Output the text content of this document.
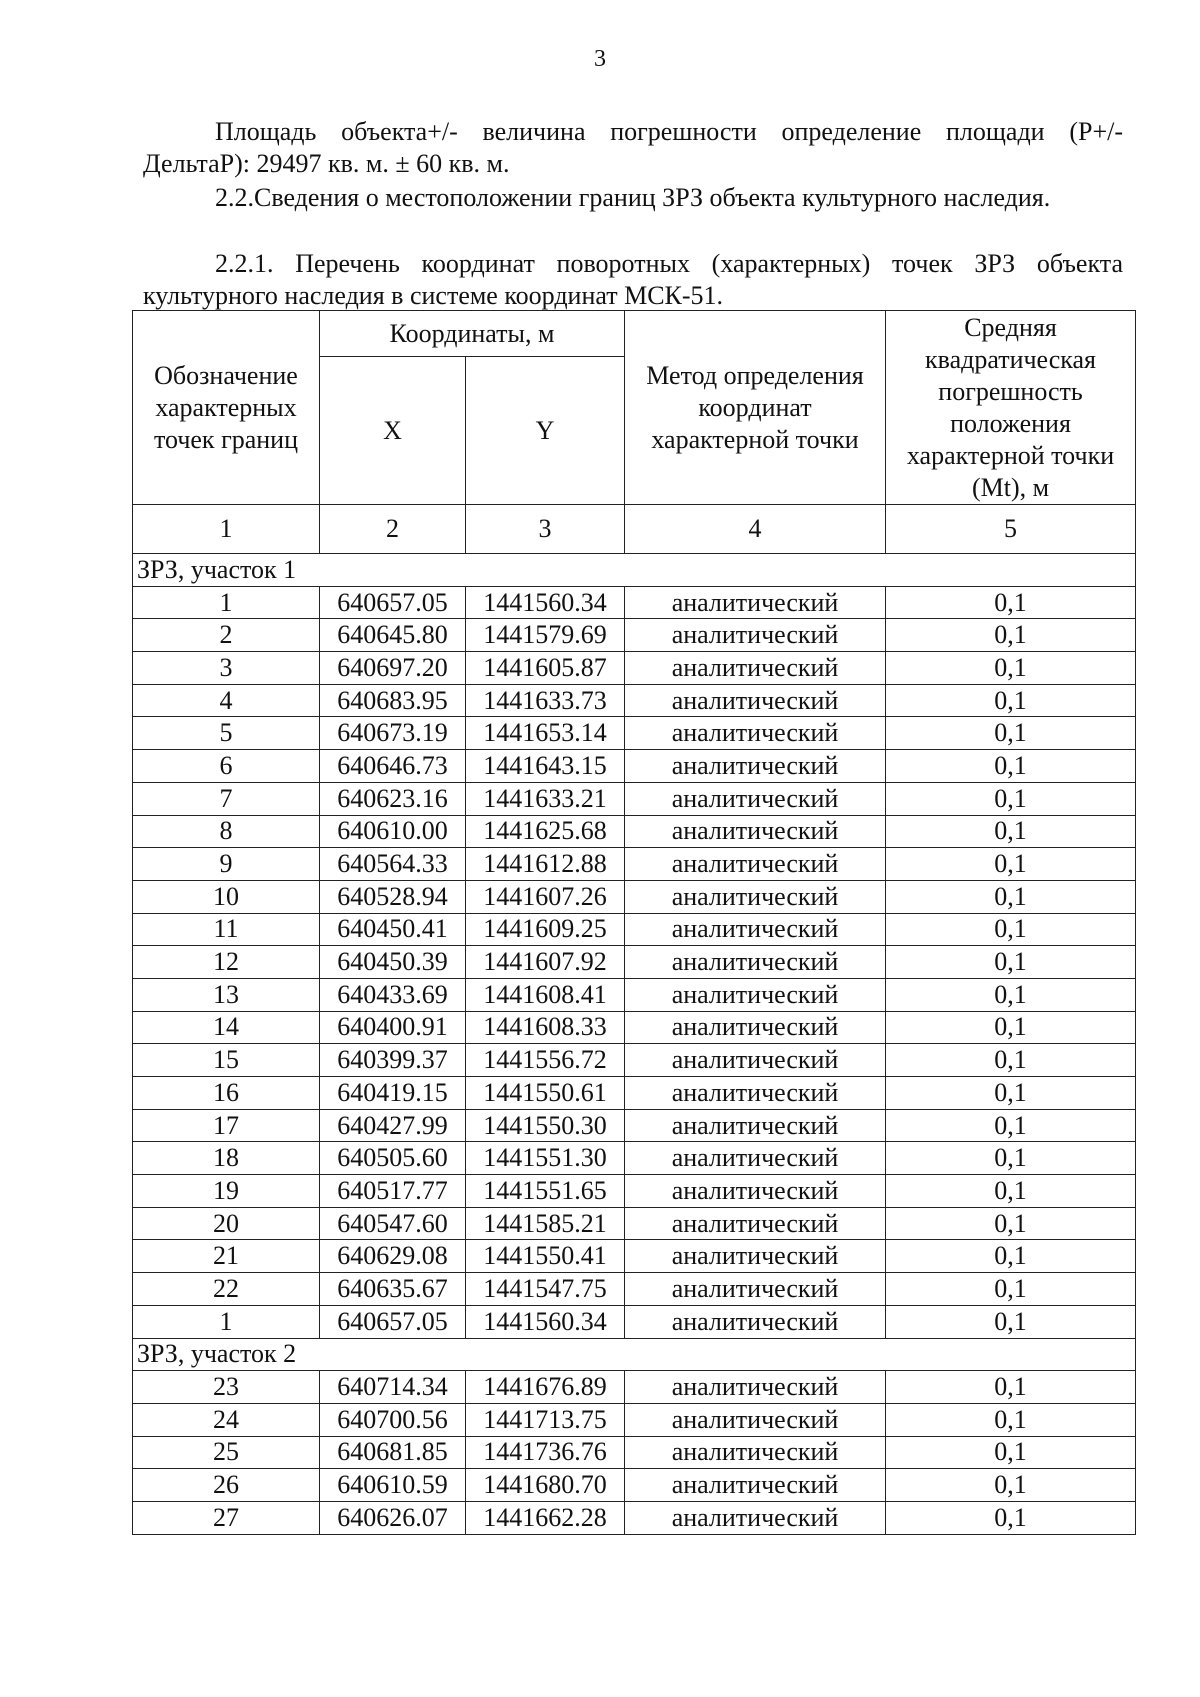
3

Площадь объекта+/- величина погрешности определение площади (P+/- ДельтаP): 29497 кв. м. ± 60 кв. м.

2.2.Сведения о местоположении границ ЗРЗ объекта культурного наследия.

2.2.1. Перечень координат поворотных (характерных) точек ЗРЗ объекта культурного наследия в системе координат МСК-51.

Обозначение характерных точек границ	Координаты, м		Метод определения координат характерной точки	Средняя квадратическая погрешность положения характерной точки (Mt), м
	X	Y		
1	2	3	4	5
ЗРЗ, участок 1				
1	640657.05	1441560.34	аналитический	0,1
2	640645.80	1441579.69	аналитический	0,1
3	640697.20	1441605.87	аналитический	0,1
4	640683.95	1441633.73	аналитический	0,1
5	640673.19	1441653.14	аналитический	0,1
6	640646.73	1441643.15	аналитический	0,1
7	640623.16	1441633.21	аналитический	0,1
8	640610.00	1441625.68	аналитический	0,1
9	640564.33	1441612.88	аналитический	0,1
10	640528.94	1441607.26	аналитический	0,1
11	640450.41	1441609.25	аналитический	0,1
12	640450.39	1441607.92	аналитический	0,1
13	640433.69	1441608.41	аналитический	0,1
14	640400.91	1441608.33	аналитический	0,1
15	640399.37	1441556.72	аналитический	0,1
16	640419.15	1441550.61	аналитический	0,1
17	640427.99	1441550.30	аналитический	0,1
18	640505.60	1441551.30	аналитический	0,1
19	640517.77	1441551.65	аналитический	0,1
20	640547.60	1441585.21	аналитический	0,1
21	640629.08	1441550.41	аналитический	0,1
22	640635.67	1441547.75	аналитический	0,1
1	640657.05	1441560.34	аналитический	0,1
ЗРЗ, участок 2				
23	640714.34	1441676.89	аналитический	0,1
24	640700.56	1441713.75	аналитический	0,1
25	640681.85	1441736.76	аналитический	0,1
26	640610.59	1441680.70	аналитический	0,1
27	640626.07	1441662.28	аналитический	0,1
